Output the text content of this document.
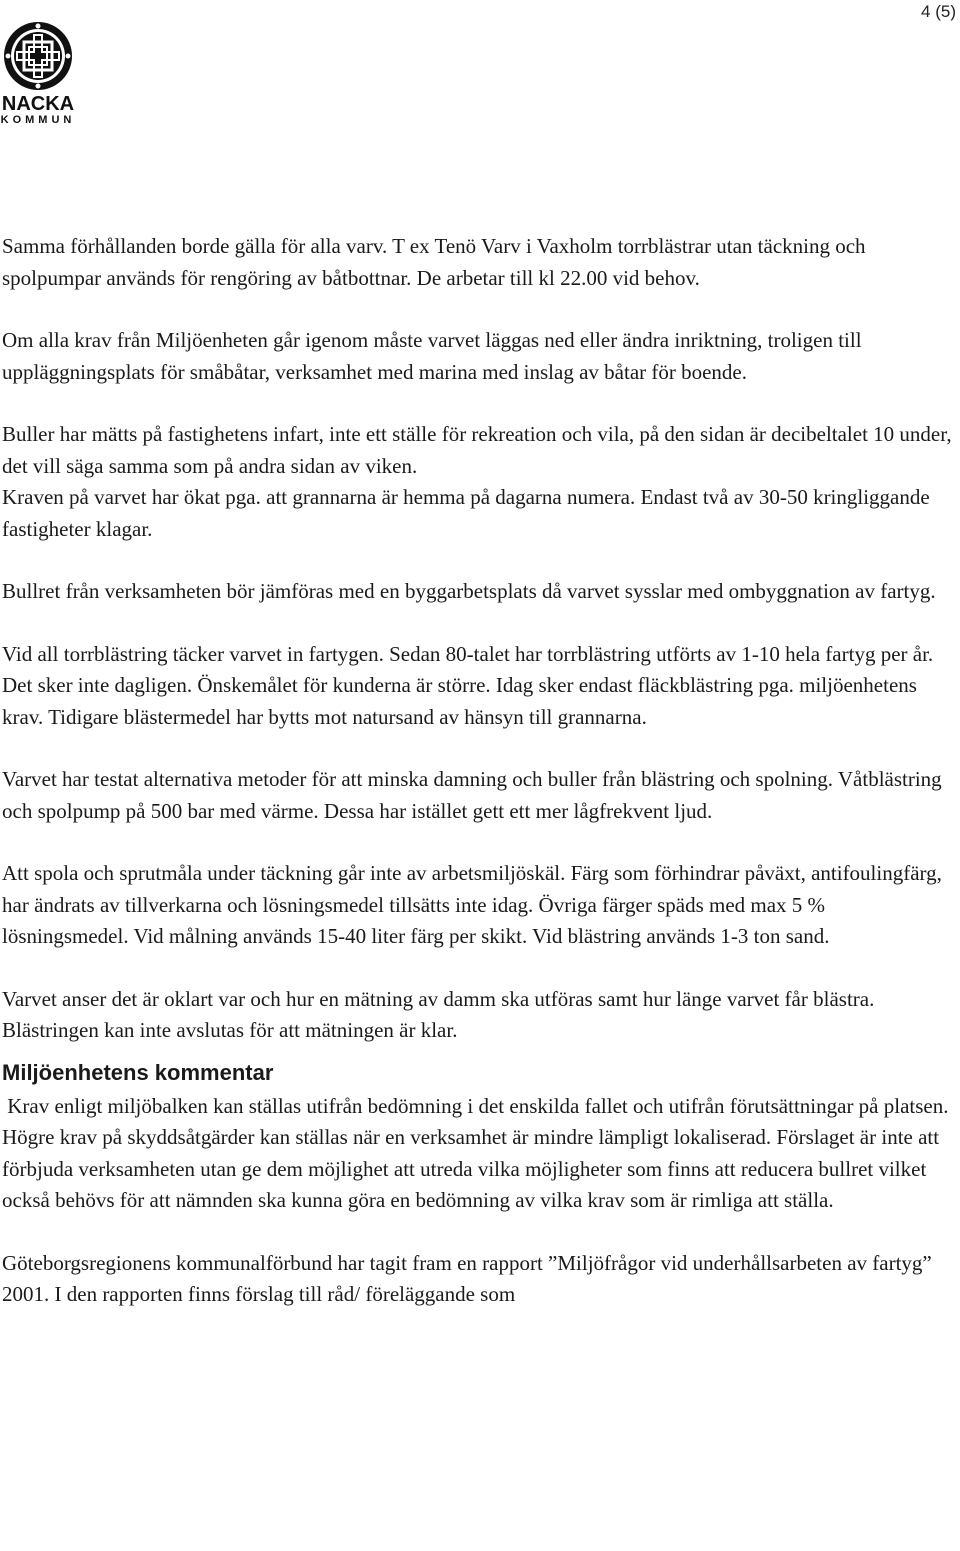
4 (5)
NACKA
KOMMUN

Samma förhållanden borde gälla för alla varv. T ex Tenö Varv i Vaxholm torrblästrar utan täckning och spolpumpar används för rengöring av båtbottnar. De arbetar till kl 22.00 vid behov.

Om alla krav från Miljöenheten går igenom måste varvet läggas ned eller ändra inriktning, troligen till uppläggningsplats för småbåtar, verksamhet med marina med inslag av båtar för boende.

Buller har mätts på fastighetens infart, inte ett ställe för rekreation och vila, på den sidan är decibeltalet 10 under, det vill säga samma som på andra sidan av viken.

Kraven på varvet har ökat pga. att grannarna är hemma på dagarna numera. Endast två av 30-50 kringliggande fastigheter klagar.

Bullret från verksamheten bör jämföras med en byggarbetsplats då varvet sysslar med ombyggnation av fartyg.

Vid all torrblästring täcker varvet in fartygen. Sedan 80-talet har torrblästring utförts av 1-10 hela fartyg per år. Det sker inte dagligen. Önskemålet för kunderna är större. Idag sker endast fläckblästring pga. miljöenhetens krav. Tidigare blästermedel har bytts mot natursand av hänsyn till grannarna.

Varvet har testat alternativa metoder för att minska damning och buller från blästring och spolning. Våtblästring och spolpump på 500 bar med värme. Dessa har istället gett ett mer lågfrekvent ljud.

Att spola och sprutmåla under täckning går inte av arbetsmiljöskäl. Färg som förhindrar påväxt, antifoulingfärg, har ändrats av tillverkarna och lösningsmedel tillsätts inte idag. Övriga färger späds med max 5 % lösningsmedel. Vid målning används 15-40 liter färg per skikt. Vid blästring används 1-3 ton sand.

Varvet anser det är oklart var och hur en mätning av damm ska utföras samt hur länge varvet får blästra. Blästringen kan inte avslutas för att mätningen är klar.

Miljöenhetens kommentar

Krav enligt miljöbalken kan ställas utifrån bedömning i det enskilda fallet och utifrån förutsättningar på platsen. Högre krav på skyddsåtgärder kan ställas när en verksamhet är mindre lämpligt lokaliserad. Förslaget är inte att förbjuda verksamheten utan ge dem möjlighet att utreda vilka möjligheter som finns att reducera bullret vilket också behövs för att nämnden ska kunna göra en bedömning av vilka krav som är rimliga att ställa.

Göteborgsregionens kommunalförbund har tagit fram en rapport ”Miljöfrågor vid underhållsarbeten av fartyg” 2001. I den rapporten finns förslag till råd/ föreläggande som
